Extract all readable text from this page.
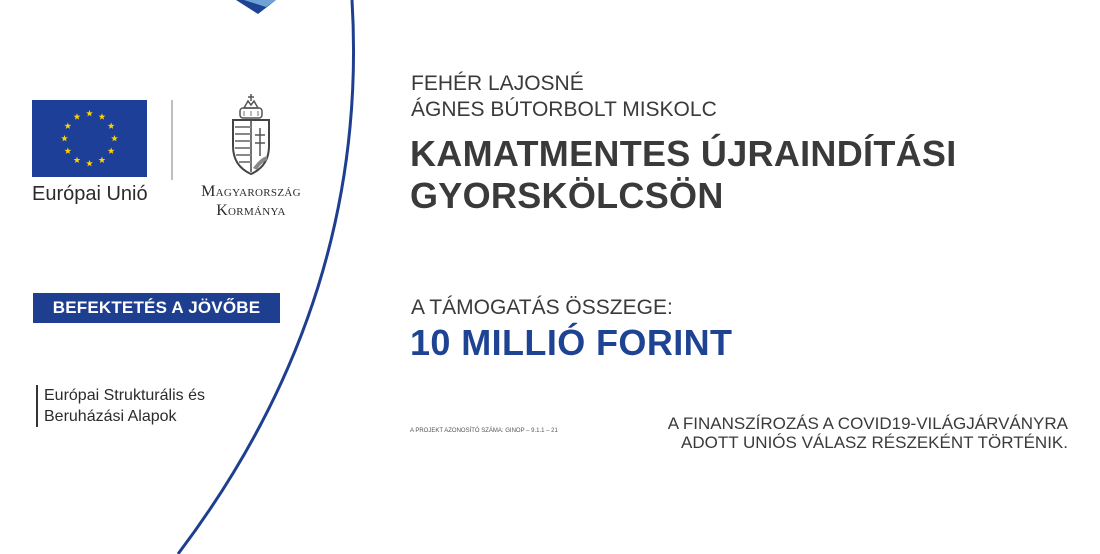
Európai Unió	Magyarország
Kormánya
BEFEKTETÉS A JÖVŐBE
Európai Strukturális és
Beruházási Alapok
FEHÉR LAJOSNÉ
ÁGNES BÚTORBOLT MISKOLC
KAMATMENTES ÚJRAINDÍTÁSI
GYORSKÖLCSÖN
A TÁMOGATÁS ÖSSZEGE:
10 MILLIÓ FORINT
A PROJEKT AZONOSÍTÓ SZÁMA: GINOP – 9.1.1 – 21	A FINANSZÍROZÁS A COVID19-VILÁGJÁRVÁNYRA
ADOTT UNIÓS VÁLASZ RÉSZEKÉNT TÖRTÉNIK.
